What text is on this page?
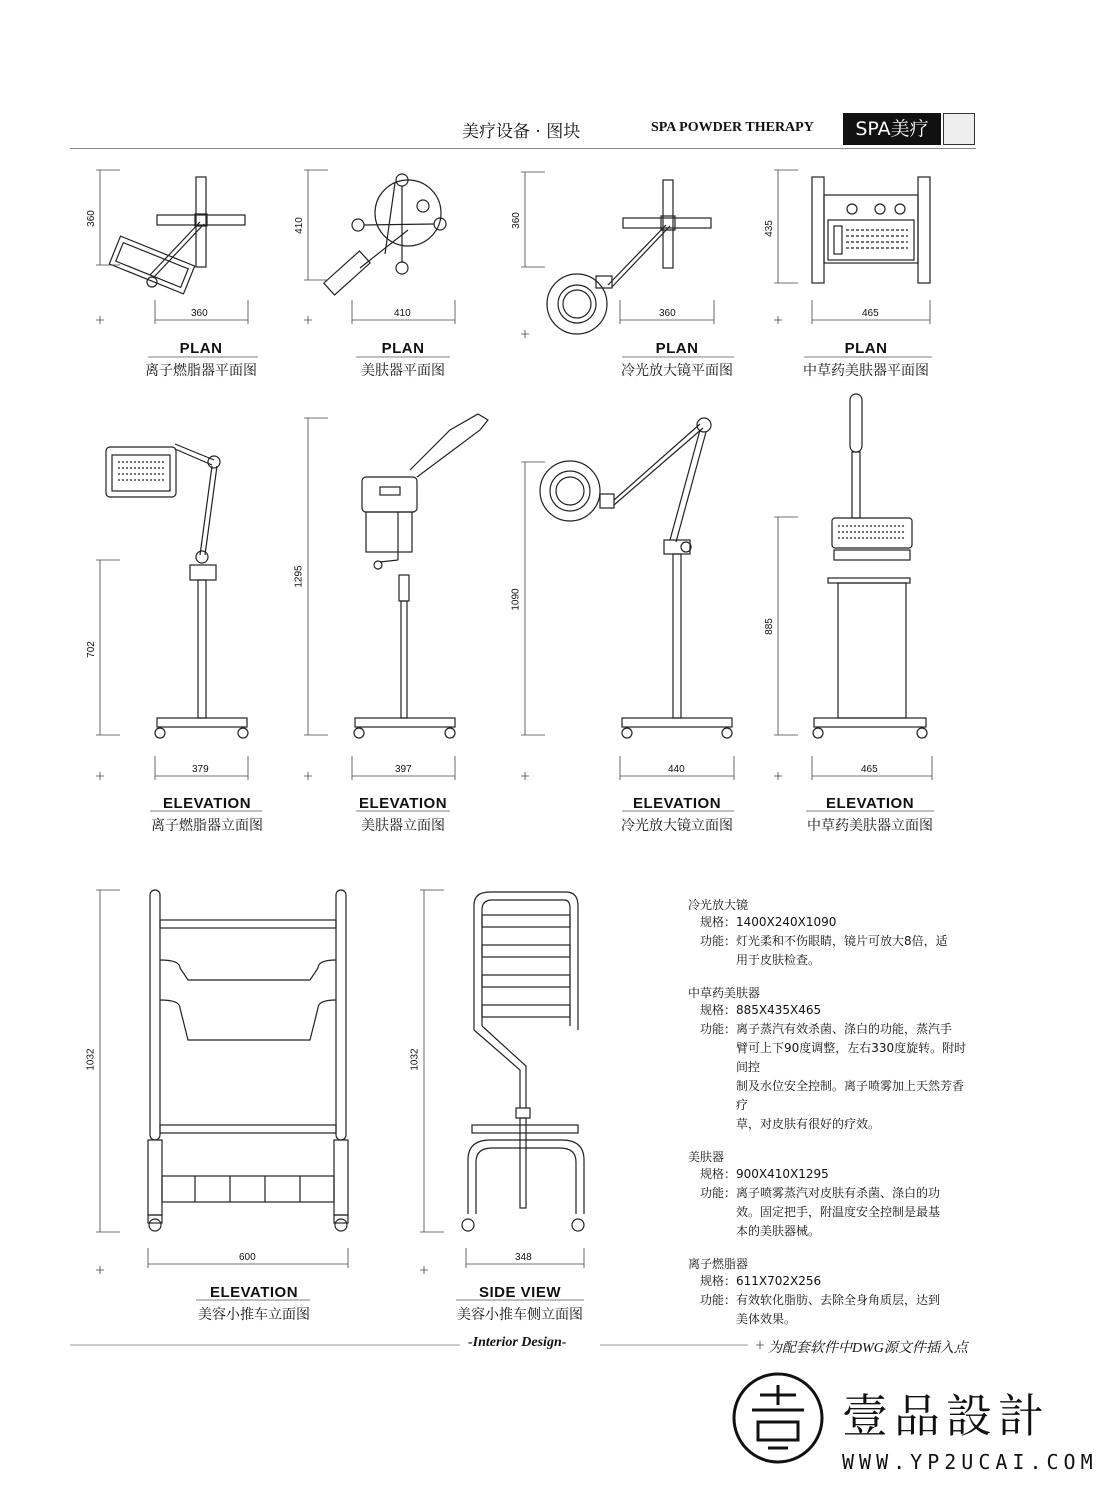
美疗设备 · 图块	SPA POWDER THERAPY	SPA美疗
360
360
410
410
360
360
465
435
379
702
397
1295
440
1090
465
885
600
1032
348
1032
PLAN
离子燃脂器平面图
PLAN
美肤器平面图
PLAN
冷光放大镜平面图
PLAN
中草药美肤器平面图
ELEVATION
离子燃脂器立面图
ELEVATION
美肤器立面图
ELEVATION
冷光放大镜立面图
ELEVATION
中草药美肤器立面图
ELEVATION
美容小推车立面图
SIDE VIEW
美容小推车侧立面图
冷光放大镜
规格：1400X240X1090
功能：灯光柔和不伤眼睛，镜片可放大8倍，适
用于皮肤检查。
中草药美肤器
规格：885X435X465
功能：离子蒸汽有效杀菌、涤白的功能，蒸汽手
臂可上下90度调整，左右330度旋转。附时间控
制及水位安全控制。离子喷雾加上天然芳香疗
草，对皮肤有很好的疗效。
美肤器
规格：900X410X1295
功能：离子喷雾蒸汽对皮肤有杀菌、涤白的功
效。固定把手，附温度安全控制是最基
本的美肤器械。
离子燃脂器
规格：611X702X256
功能：有效软化脂肪、去除全身角质层，达到
美体效果。
-Interior Design-	为配套软件中DWG源文件插入点
壹品設計
WWW.YP2UCAI.COM
